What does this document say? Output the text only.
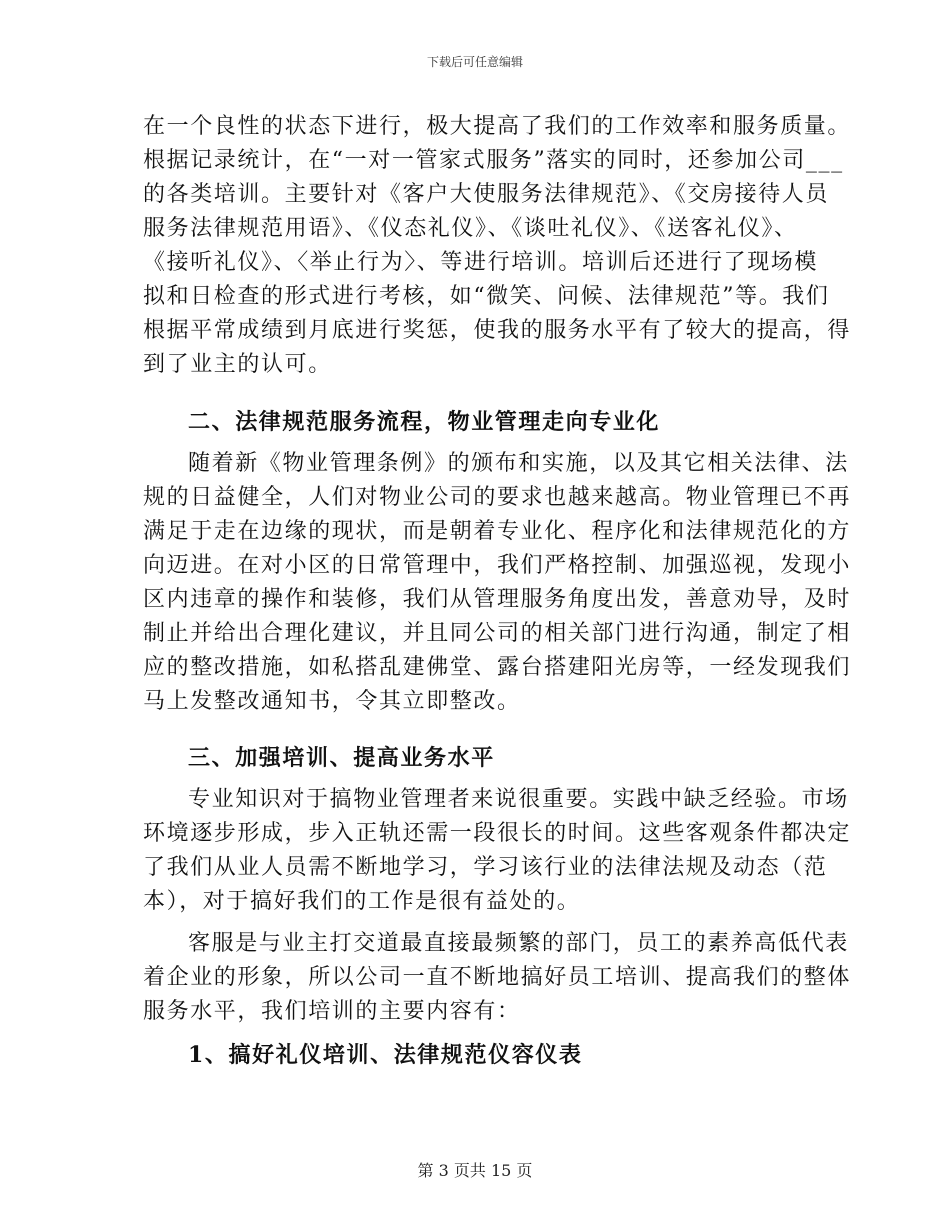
下载后可任意编辑
在一个良性的状态下进行，极大提高了我们的工作效率和服务质量。
根据记录统计，在“一对一管家式服务”落实的同时，还参加公司___
的各类培训。主要针对《客户大使服务法律规范》、《交房接待人员
服务法律规范用语》、《仪态礼仪》、《谈吐礼仪》、《送客礼仪》、
《接听礼仪》、〈举止行为〉、等进行培训。培训后还进行了现场模
拟和日检查的形式进行考核，如“微笑、问候、法律规范”等。我们
根据平常成绩到月底进行奖惩，使我的服务水平有了较大的提高，得
到了业主的认可。
二、法律规范服务流程，物业管理走向专业化
随着新《物业管理条例》的颁布和实施，以及其它相关法律、法
规的日益健全，人们对物业公司的要求也越来越高。物业管理已不再
满足于走在边缘的现状，而是朝着专业化、程序化和法律规范化的方
向迈进。在对小区的日常管理中，我们严格控制、加强巡视，发现小
区内违章的操作和装修，我们从管理服务角度出发，善意劝导，及时
制止并给出合理化建议，并且同公司的相关部门进行沟通，制定了相
应的整改措施，如私搭乱建佛堂、露台搭建阳光房等，一经发现我们
马上发整改通知书，令其立即整改。
三、加强培训、提高业务水平
专业知识对于搞物业管理者来说很重要。实践中缺乏经验。市场
环境逐步形成，步入正轨还需一段很长的时间。这些客观条件都决定
了我们从业人员需不断地学习，学习该行业的法律法规及动态（范
本），对于搞好我们的工作是很有益处的。
客服是与业主打交道最直接最频繁的部门，员工的素养高低代表
着企业的形象，所以公司一直不断地搞好员工培训、提高我们的整体
服务水平，我们培训的主要内容有：
1、搞好礼仪培训、法律规范仪容仪表
第 3 页共 15 页
